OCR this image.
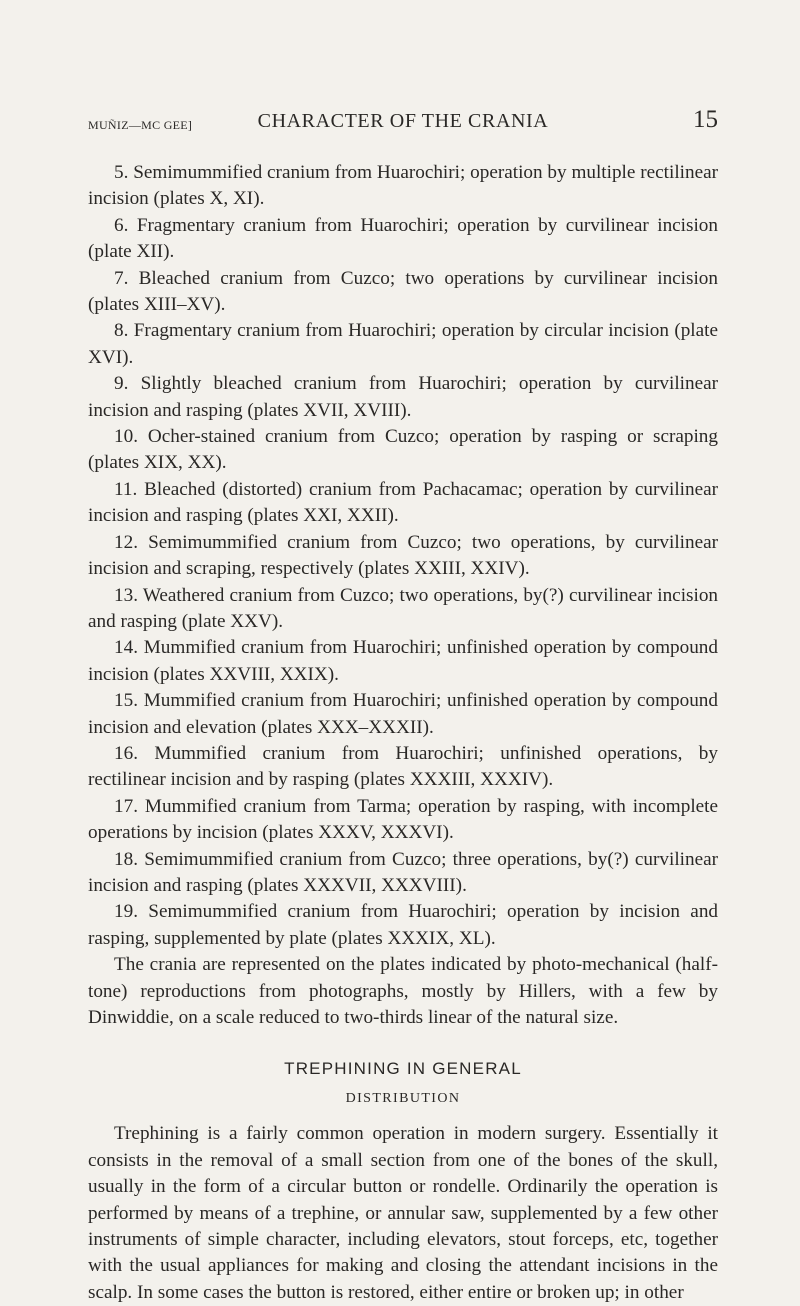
MUÑIZ—MC GEE]	CHARACTER OF THE CRANIA	15

5. Semimummified cranium from Huarochiri; operation by multiple rectilinear incision (plates X, XI).

6. Fragmentary cranium from Huarochiri; operation by curvilinear incision (plate XII).

7. Bleached cranium from Cuzco; two operations by curvilinear incision (plates XIII–XV).

8. Fragmentary cranium from Huarochiri; operation by circular incision (plate XVI).

9. Slightly bleached cranium from Huarochiri; operation by curvilinear incision and rasping (plates XVII, XVIII).

10. Ocher-stained cranium from Cuzco; operation by rasping or scraping (plates XIX, XX).

11. Bleached (distorted) cranium from Pachacamac; operation by curvilinear incision and rasping (plates XXI, XXII).

12. Semimummified cranium from Cuzco; two operations, by curvilinear incision and scraping, respectively (plates XXIII, XXIV).

13. Weathered cranium from Cuzco; two operations, by(?) curvilinear incision and rasping (plate XXV).

14. Mummified cranium from Huarochiri; unfinished operation by compound incision (plates XXVIII, XXIX).

15. Mummified cranium from Huarochiri; unfinished operation by compound incision and elevation (plates XXX–XXXII).

16. Mummified cranium from Huarochiri; unfinished operations, by rectilinear incision and by rasping (plates XXXIII, XXXIV).

17. Mummified cranium from Tarma; operation by rasping, with incomplete operations by incision (plates XXXV, XXXVI).

18. Semimummified cranium from Cuzco; three operations, by(?) curvilinear incision and rasping (plates XXXVII, XXXVIII).

19. Semimummified cranium from Huarochiri; operation by incision and rasping, supplemented by plate (plates XXXIX, XL).

The crania are represented on the plates indicated by photo-mechanical (half-tone) reproductions from photographs, mostly by Hillers, with a few by Dinwiddie, on a scale reduced to two-thirds linear of the natural size.

TREPHINING IN GENERAL
DISTRIBUTION

Trephining is a fairly common operation in modern surgery. Essentially it consists in the removal of a small section from one of the bones of the skull, usually in the form of a circular button or rondelle. Ordinarily the operation is performed by means of a trephine, or annular saw, supplemented by a few other instruments of simple character, including elevators, stout forceps, etc, together with the usual appliances for making and closing the attendant incisions in the scalp. In some cases the button is restored, either entire or broken up; in other
